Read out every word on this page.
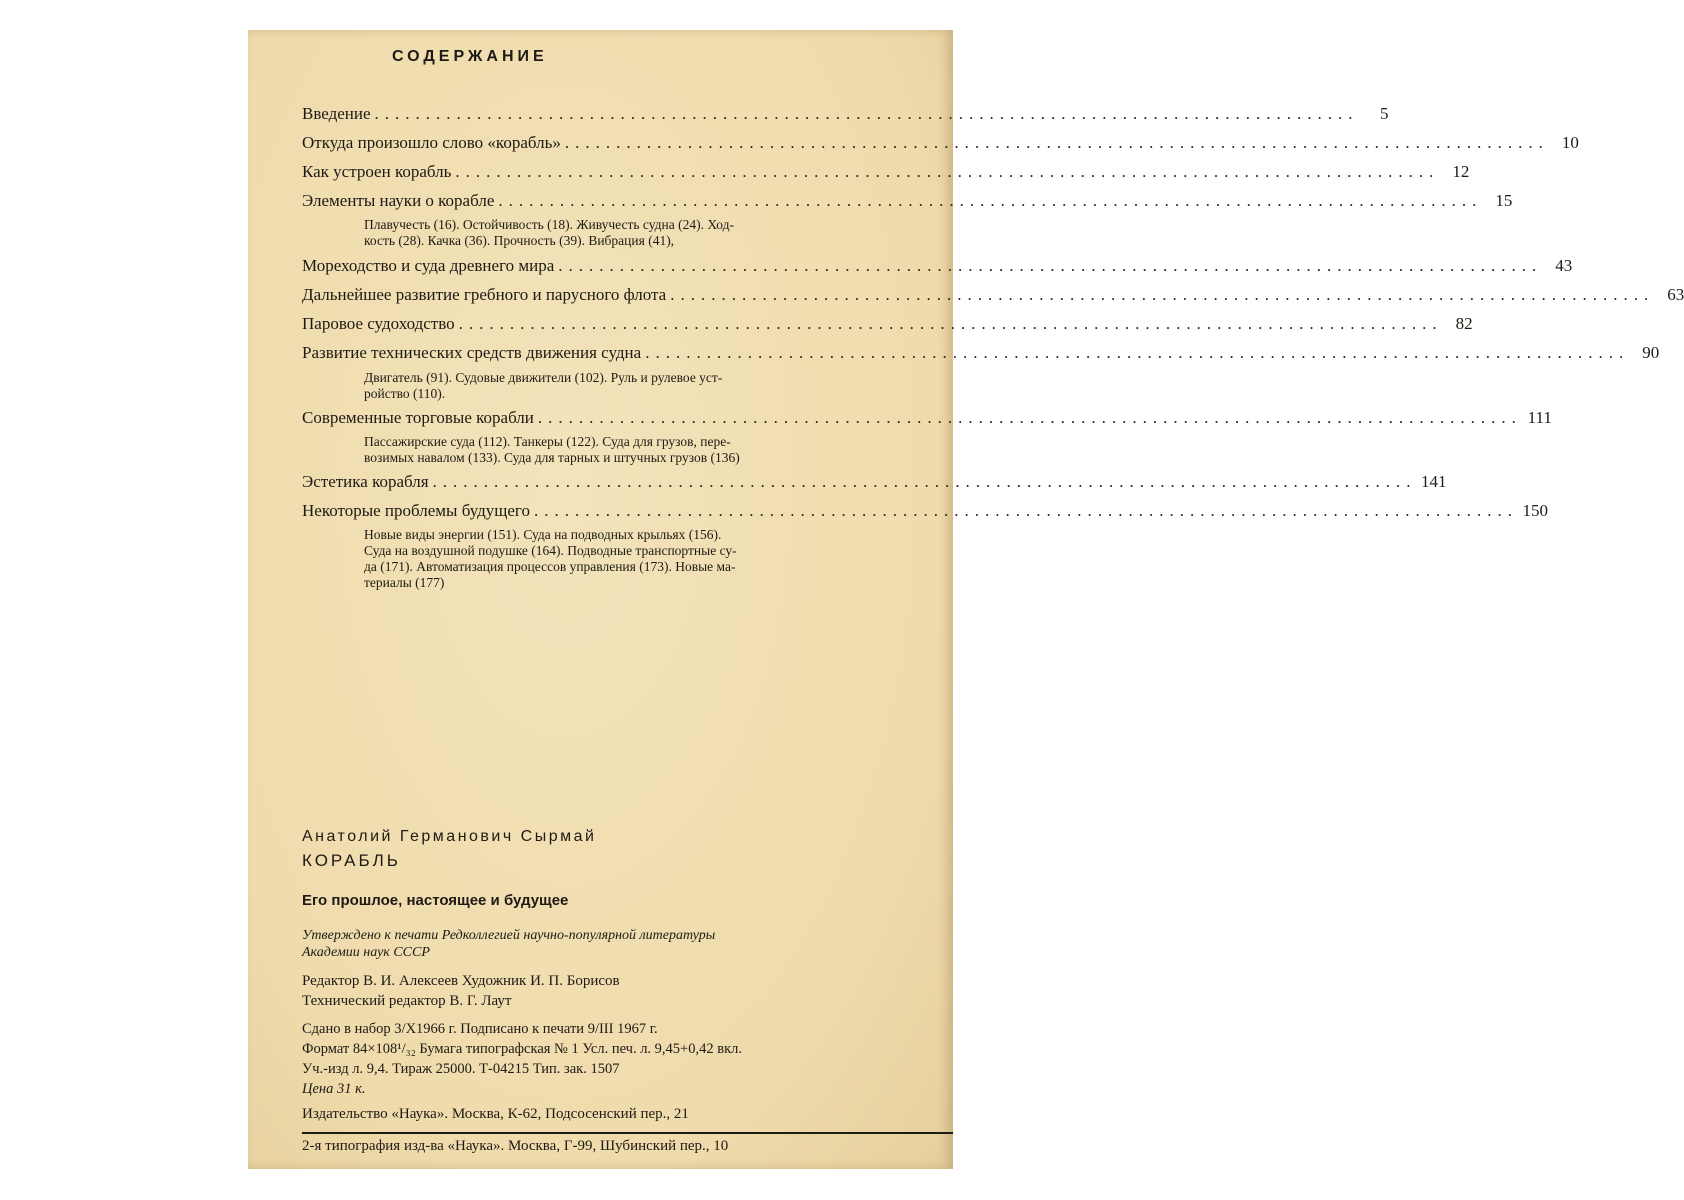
СОДЕРЖАНИЕ
Введение ................................................................................................	5
Откуда произошло слово «корабль» ................................................................................................ 10
Как устроен корабль ................................................................................................ 12
Элементы науки о корабле ................................................................................................ 15
Плавучесть (16). Остойчивость (18). Живучесть судна (24). Ход-
кость (28). Качка (36). Прочность (39). Вибрация (41),
Мореходство и суда древнего мира ................................................................................................ 43
Дальнейшее развитие гребного и парусного флота ................................................................................................ 63
Паровое судоходство ................................................................................................ 82
Развитие технических средств движения судна ................................................................................................ 90
Двигатель (91). Судовые движители (102). Руль и рулевое уст-
ройство (110).
Современные торговые корабли ................................................................................................ 111
Пассажирские суда (112). Танкеры (122). Суда для грузов, пере-
возимых навалом (133). Суда для тарных и штучных грузов (136)
Эстетика корабля ................................................................................................ 141
Некоторые проблемы будущего ................................................................................................ 150
Новые виды энергии (151). Суда на подводных крыльях (156).
Суда на воздушной подушке (164). Подводные транспортные су-
да (171). Автоматизация процессов управления (173). Новые ма-
териалы (177)
Анатолий Германович Сырмай
КОРАБЛЬ
Его прошлое, настоящее и будущее
Утверждено к печати Редколлегией научно-популярной литературы
Академии наук СССР
Редактор В. И. Алексеев Художник И. П. Борисов
Технический редактор В. Г. Лаут
Сдано в набор 3/X1966 г. Подписано к печати 9/III 1967 г.
Формат 84×108¹/₃₂ Бумага типографская № 1 Усл. печ. л. 9,45+0,42 вкл.
Уч.-изд л. 9,4. Тираж 25000. Т-04215 Тип. зак. 1507
Цена 31 к.
Издательство «Наука». Москва, К-62, Подсосенский пер., 21
2-я типография изд-ва «Наука». Москва, Г-99, Шубинский пер., 10
